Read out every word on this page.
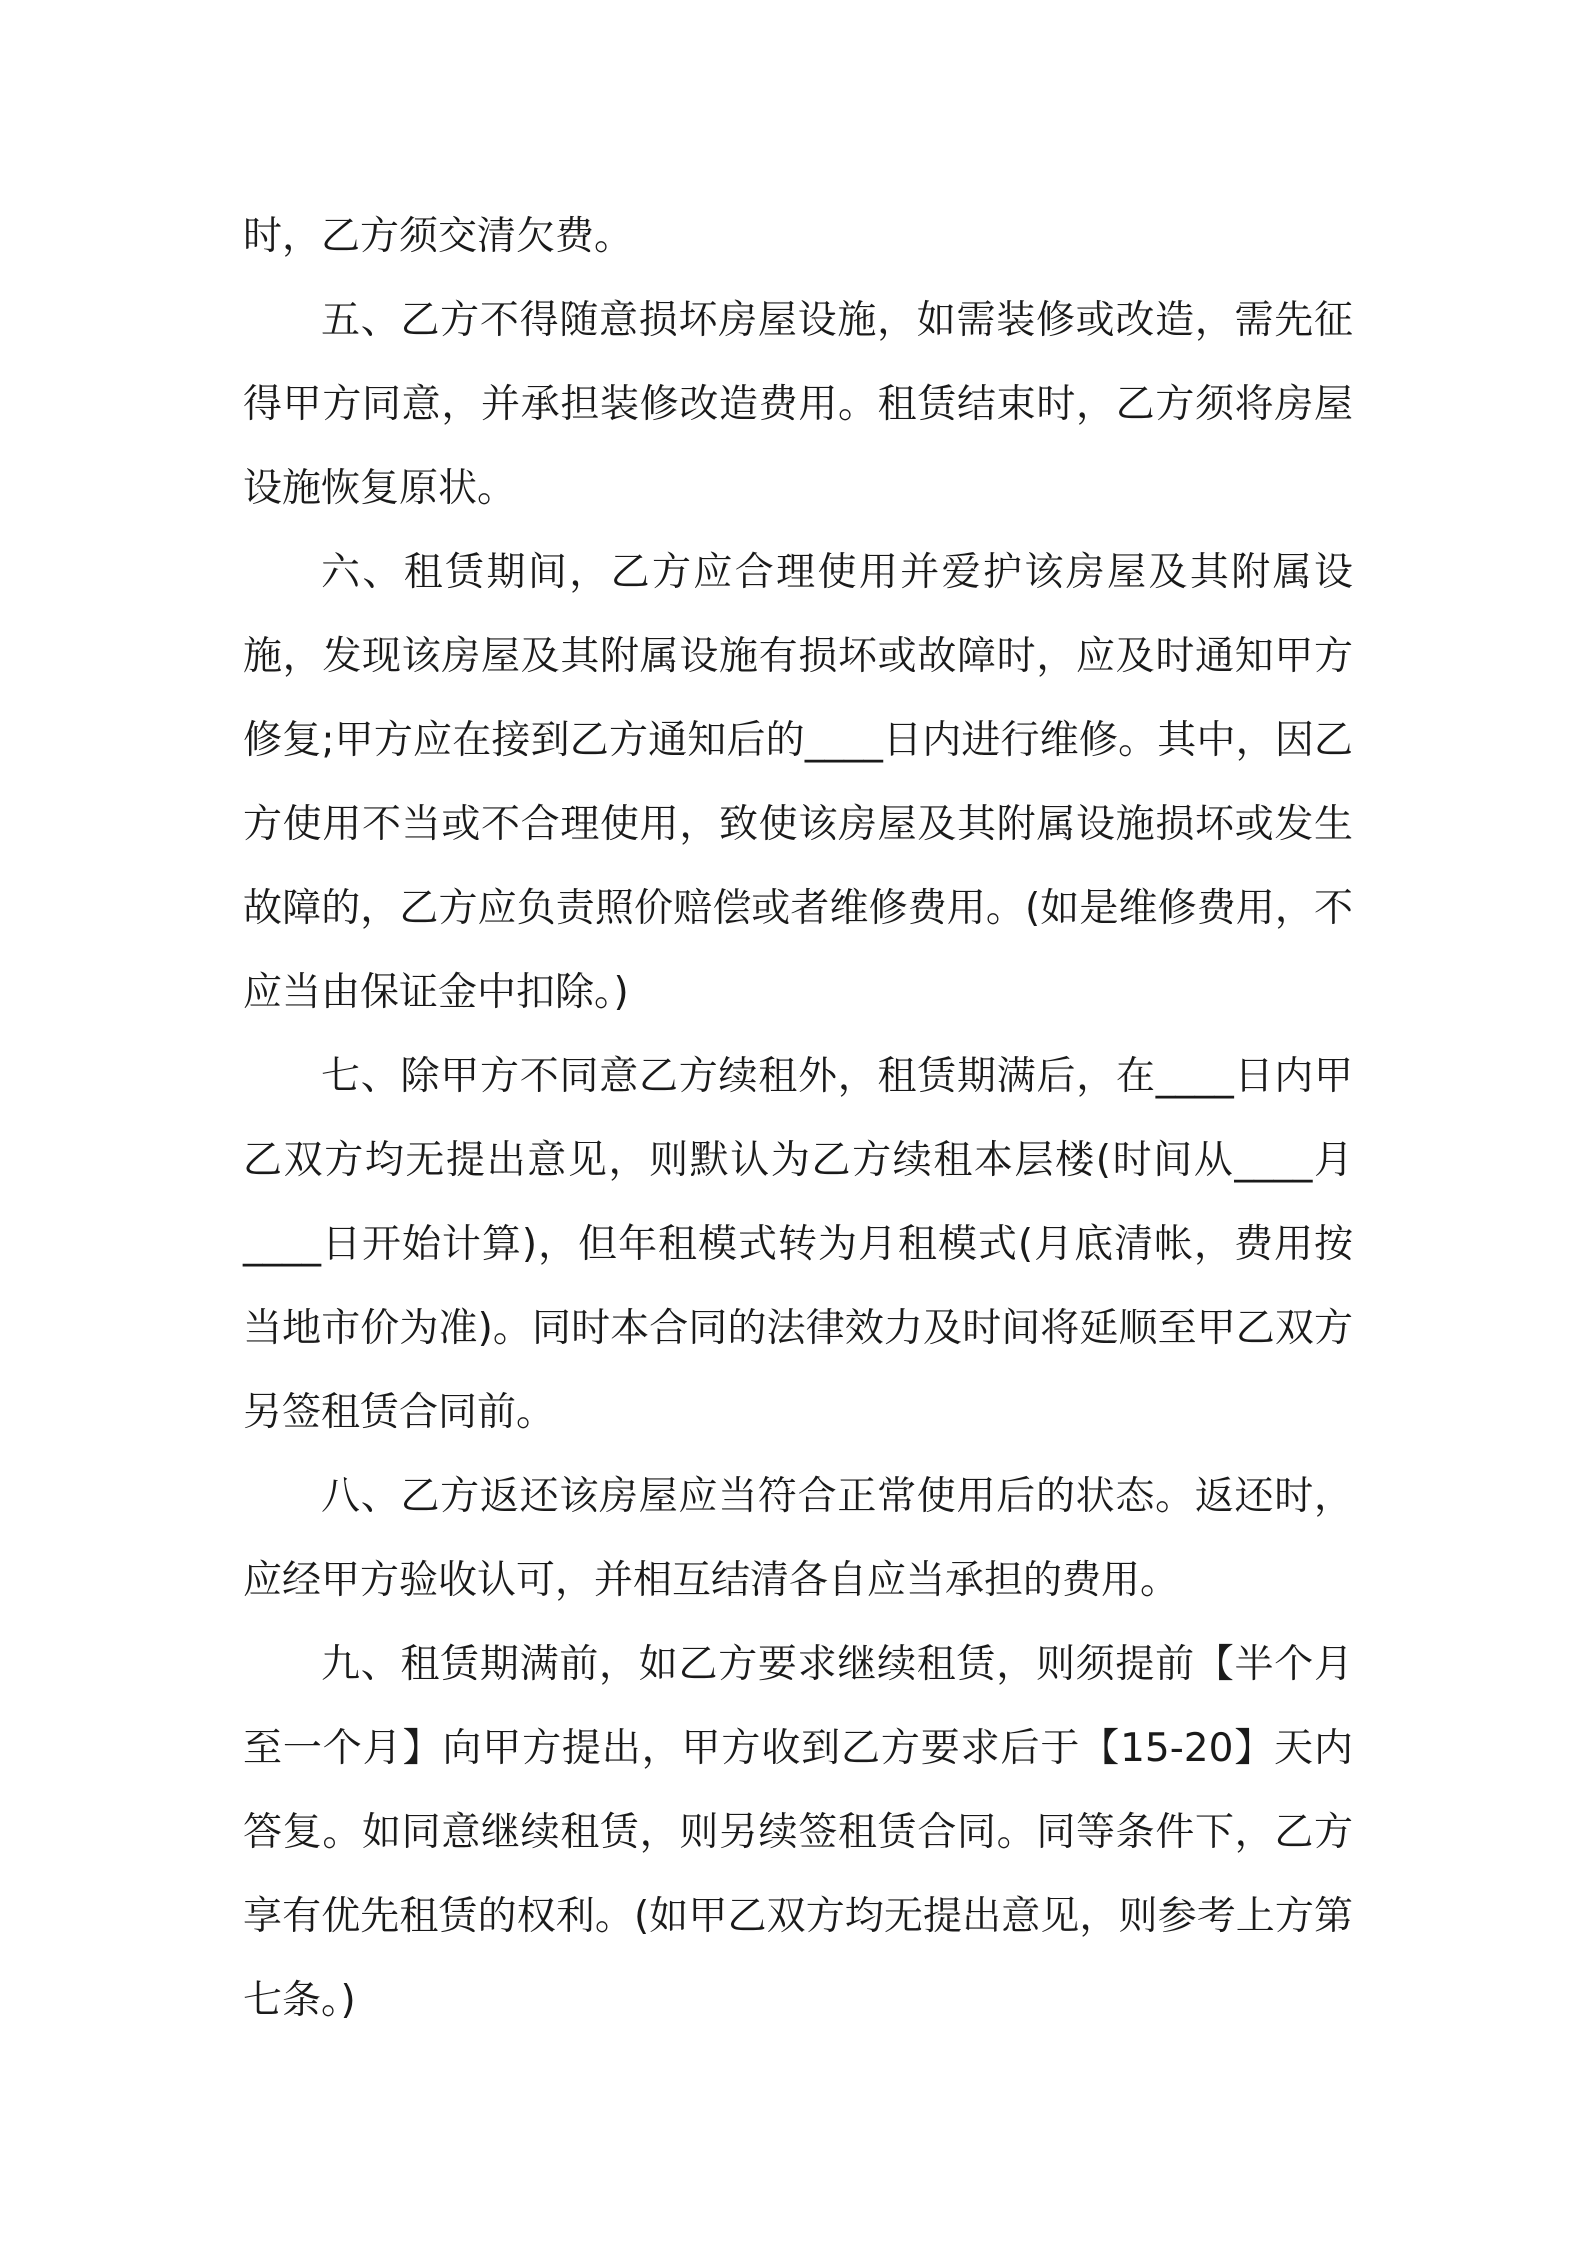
时，乙方须交清欠费。

五、乙方不得随意损坏房屋设施，如需装修或改造，需先征得甲方同意，并承担装修改造费用。租赁结束时，乙方须将房屋设施恢复原状。

六、租赁期间，乙方应合理使用并爱护该房屋及其附属设施，发现该房屋及其附属设施有损坏或故障时，应及时通知甲方修复;甲方应在接到乙方通知后的____日内进行维修。其中，因乙方使用不当或不合理使用，致使该房屋及其附属设施损坏或发生故障的，乙方应负责照价赔偿或者维修费用。(如是维修费用，不应当由保证金中扣除。)

七、除甲方不同意乙方续租外，租赁期满后，在____日内甲乙双方均无提出意见，则默认为乙方续租本层楼(时间从____月____日开始计算)，但年租模式转为月租模式(月底清帐，费用按当地市价为准)。同时本合同的法律效力及时间将延顺至甲乙双方另签租赁合同前。

八、乙方返还该房屋应当符合正常使用后的状态。返还时，应经甲方验收认可，并相互结清各自应当承担的费用。

九、租赁期满前，如乙方要求继续租赁，则须提前【半个月至一个月】向甲方提出，甲方收到乙方要求后于【15-20】天内答复。如同意继续租赁，则另续签租赁合同。同等条件下，乙方享有优先租赁的权利。(如甲乙双方均无提出意见，则参考上方第七条。)
